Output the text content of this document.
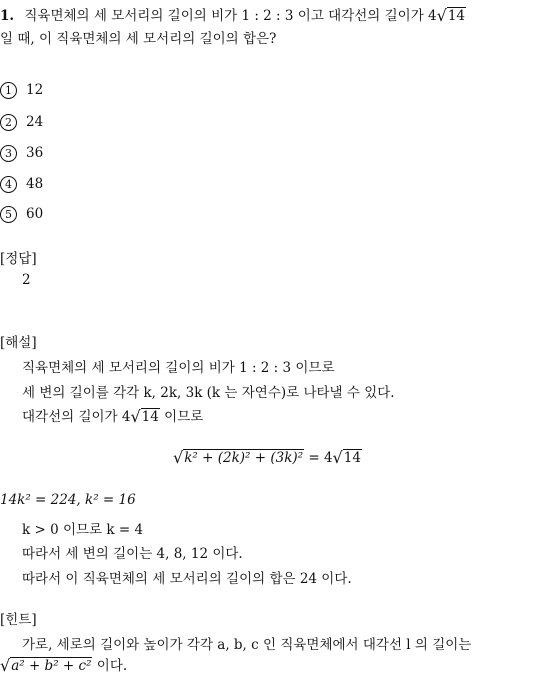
1. 직육면체의 세 모서리의 길이의 비가 1 : 2 : 3 이고 대각선의 길이가 4√14
일 때, 이 직육면체의 세 모서리의 길이의 합은?
1 12
2 24
3 36
4 48
5 60
[정답]
2
[해설]
직육면체의 세 모서리의 길이의 비가 1 : 2 : 3 이므로
세 변의 길이를 각각 k, 2k, 3k (k 는 자연수)로 나타낼 수 있다.
대각선의 길이가 4√14 이므로
√k² + (2k)² + (3k)² = 4√14
14k² = 224, k² = 16
k > 0 이므로 k = 4
따라서 세 변의 길이는 4, 8, 12 이다.
따라서 이 직육면체의 세 모서리의 길이의 합은 24 이다.
[힌트]
가로, 세로의 길이와 높이가 각각 a, b, c 인 직육면체에서 대각선 l 의 길이는
√a² + b² + c² 이다.
